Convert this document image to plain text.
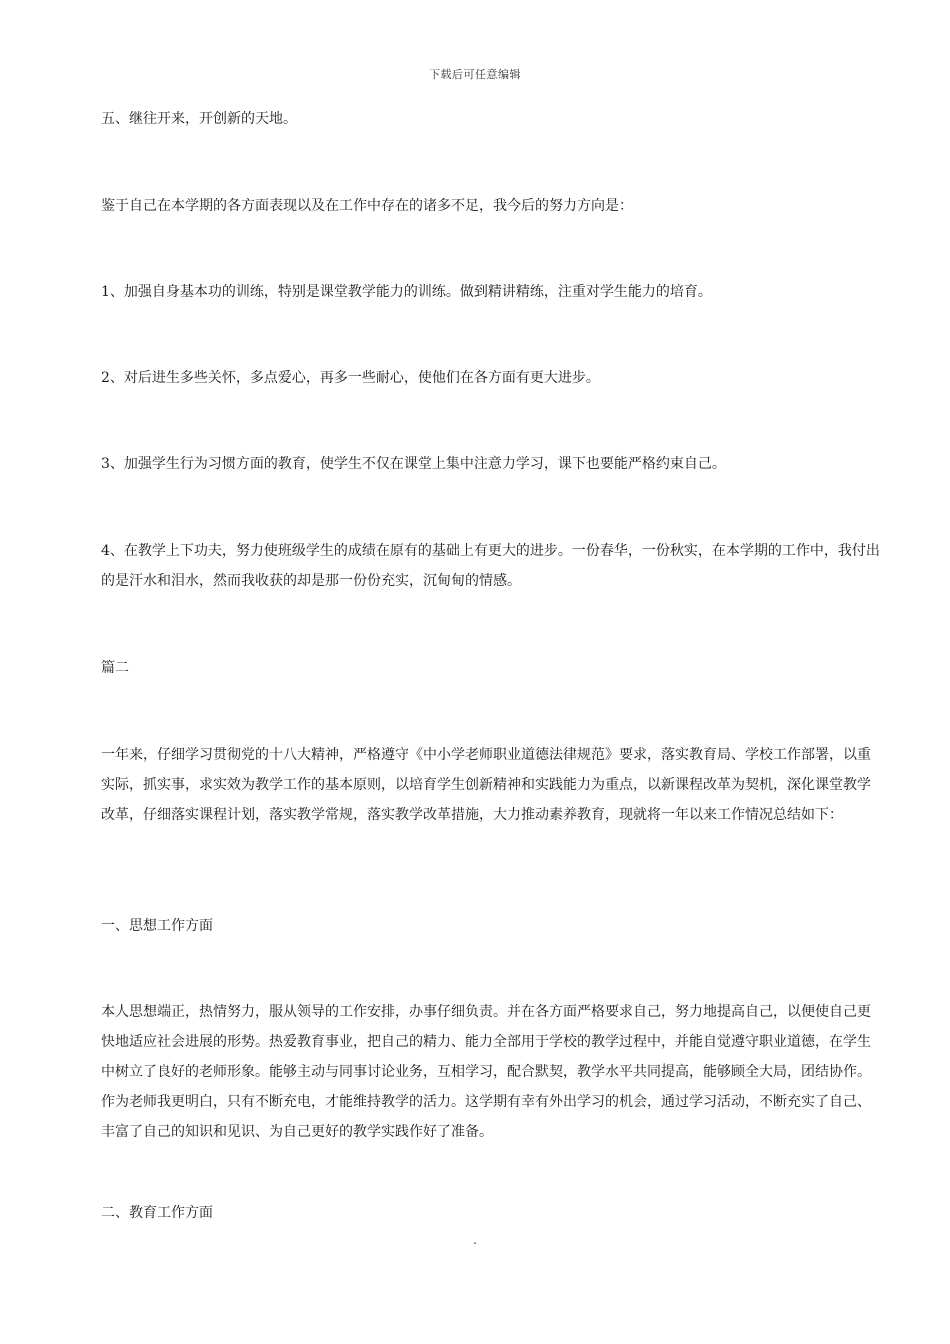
下载后可任意编辑

五、继往开来，开创新的天地。

鉴于自己在本学期的各方面表现以及在工作中存在的诸多不足，我今后的努力方向是：

1、加强自身基本功的训练，特别是课堂教学能力的训练。做到精讲精练，注重对学生能力的培育。

2、对后进生多些关怀，多点爱心，再多一些耐心，使他们在各方面有更大进步。

3、加强学生行为习惯方面的教育，使学生不仅在课堂上集中注意力学习，课下也要能严格约束自己。

4、在教学上下功夫，努力使班级学生的成绩在原有的基础上有更大的进步。一份春华，一份秋实，在本学期的工作中，我付出的是汗水和泪水，然而我收获的却是那一份份充实，沉甸甸的情感。

篇二

一年来，仔细学习贯彻党的十八大精神，严格遵守《中小学老师职业道德法律规范》要求，落实教育局、学校工作部署，以重实际，抓实事，求实效为教学工作的基本原则，以培育学生创新精神和实践能力为重点，以新课程改革为契机，深化课堂教学改革，仔细落实课程计划，落实教学常规，落实教学改革措施，大力推动素养教育，现就将一年以来工作情况总结如下：

一、思想工作方面

本人思想端正，热情努力，服从领导的工作安排，办事仔细负责。并在各方面严格要求自己，努力地提高自己，以便使自己更快地适应社会进展的形势。热爱教育事业，把自己的精力、能力全部用于学校的教学过程中，并能自觉遵守职业道德，在学生中树立了良好的老师形象。能够主动与同事讨论业务，互相学习，配合默契，教学水平共同提高，能够顾全大局，团结协作。作为老师我更明白，只有不断充电，才能维持教学的活力。这学期有幸有外出学习的机会，通过学习活动，不断充实了自己、丰富了自己的知识和见识、为自己更好的教学实践作好了准备。

二、教育工作方面

.
